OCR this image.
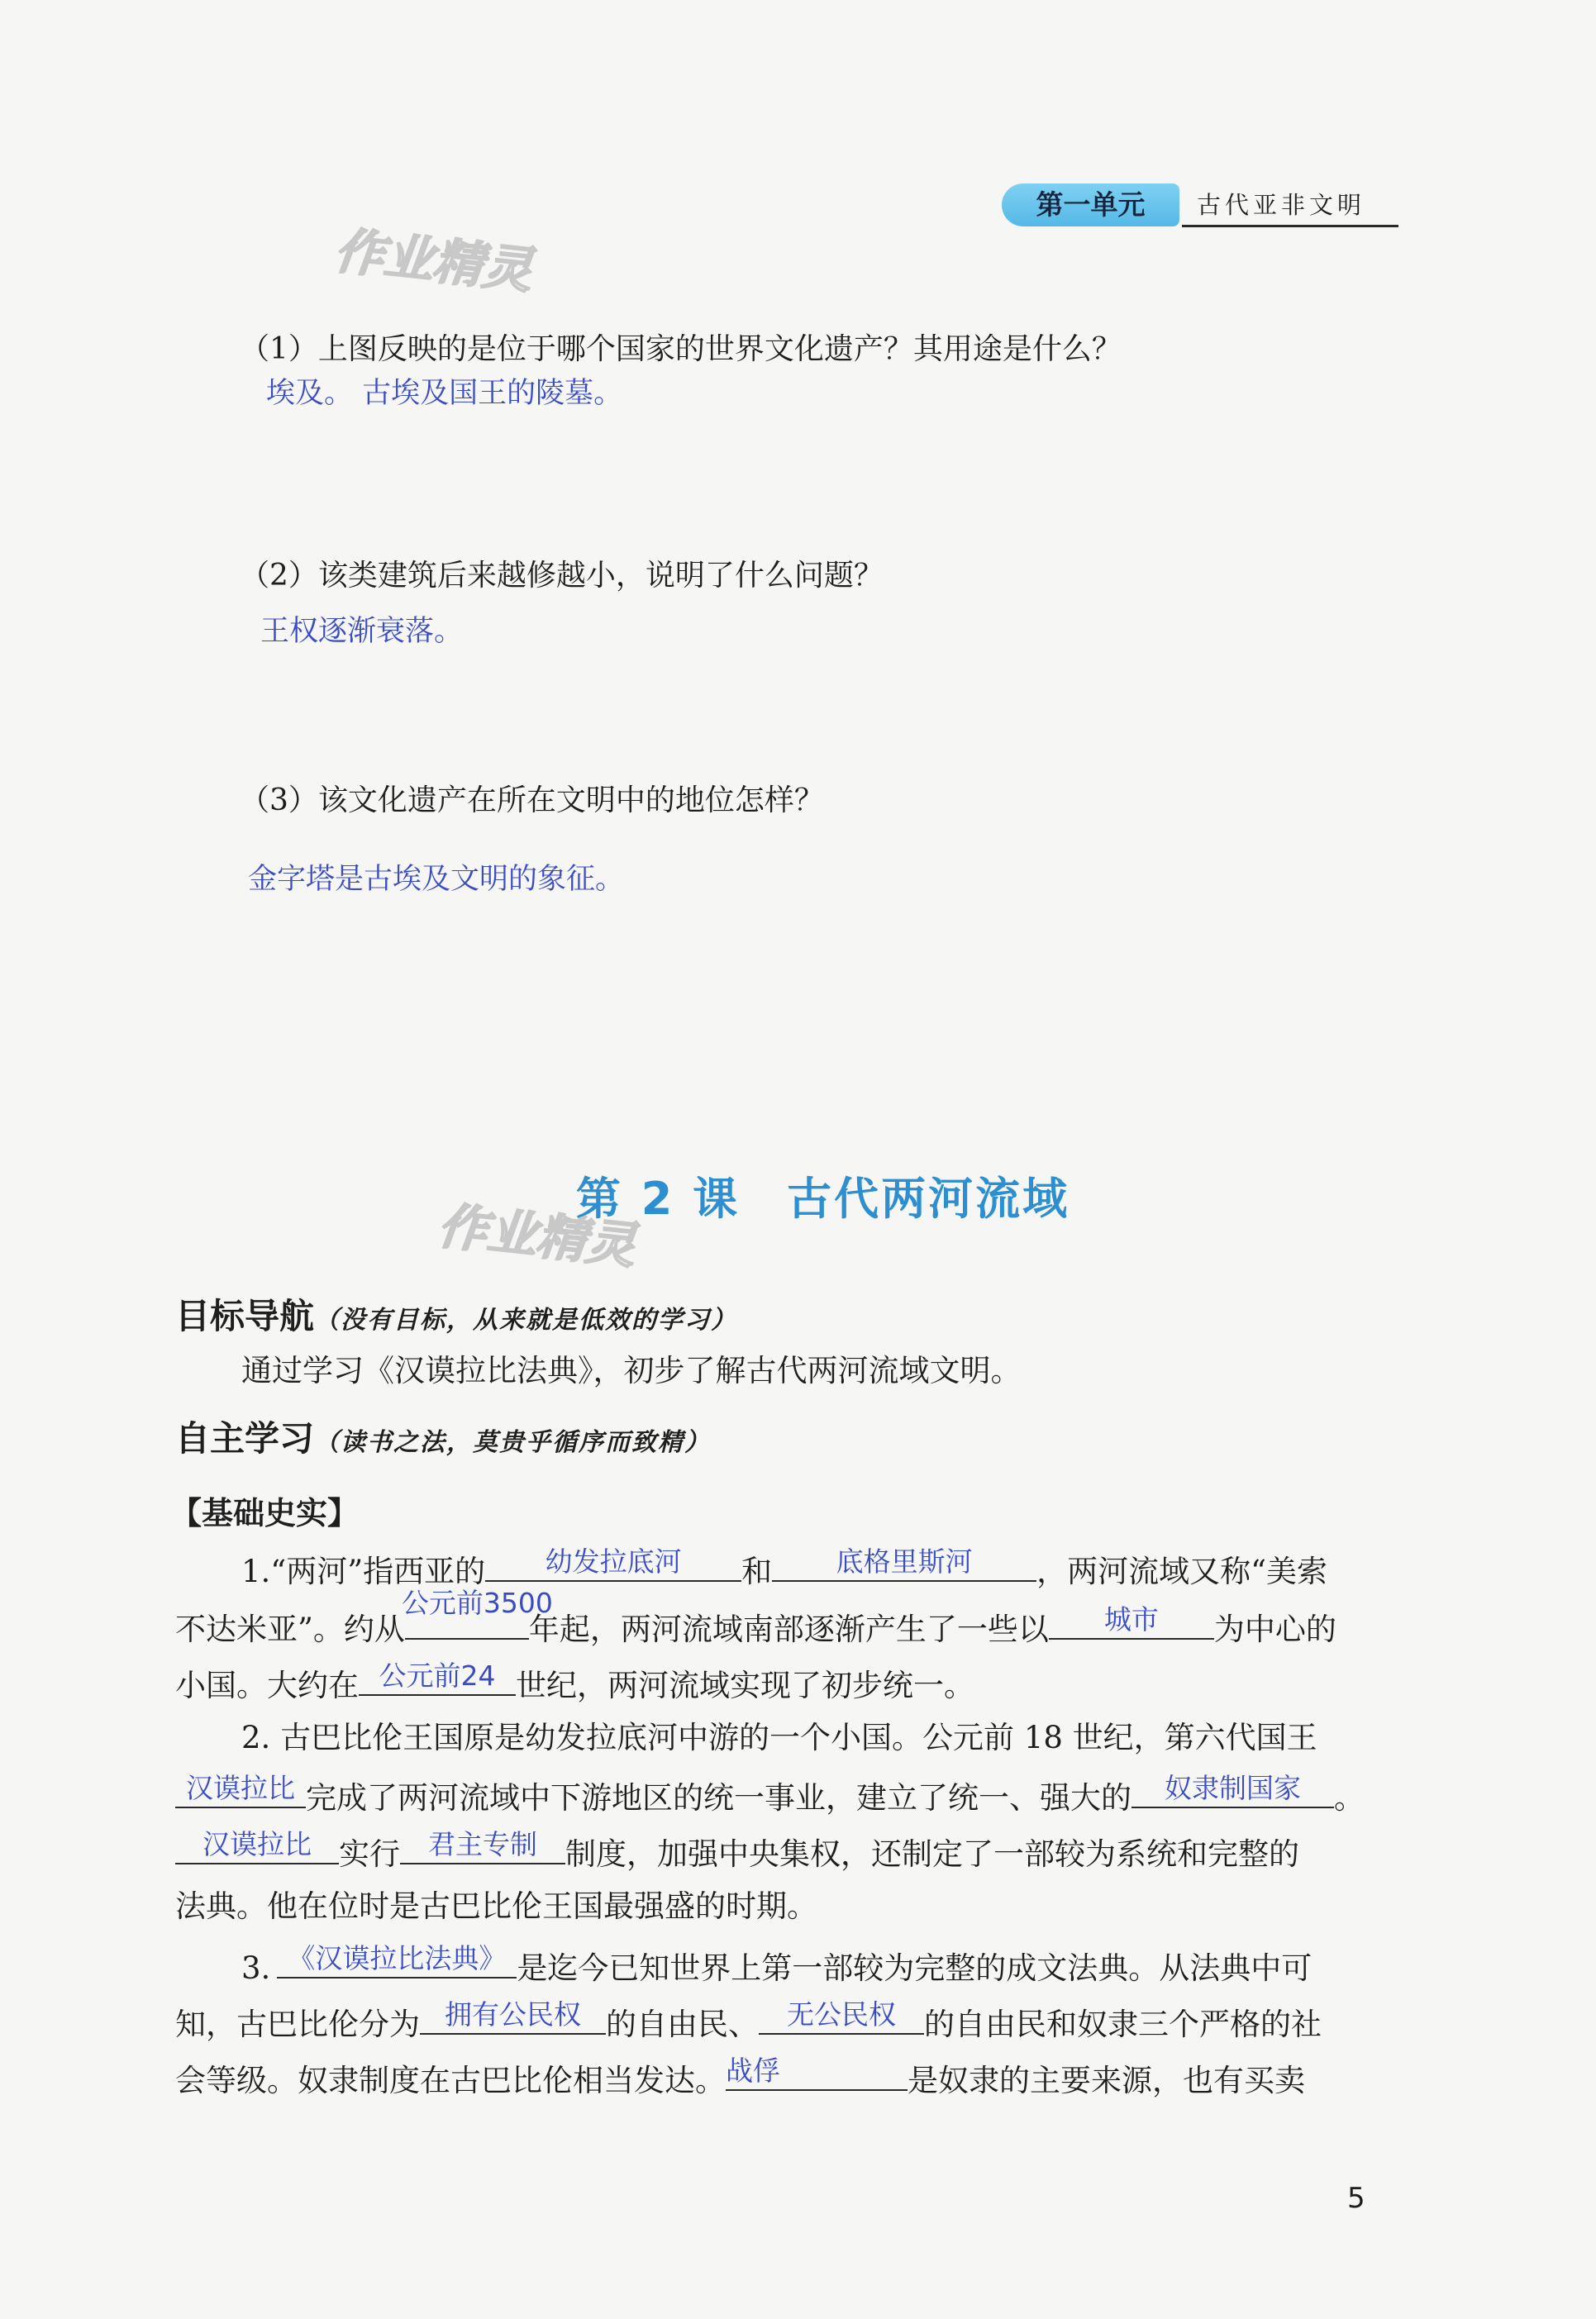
第一单元	古代亚非文明
作业精灵
作业精灵
（1）上图反映的是位于哪个国家的世界文化遗产？其用途是什么？
埃及。 古埃及国王的陵墓。
（2）该类建筑后来越修越小，说明了什么问题？
王权逐渐衰落。
（3）该文化遗产在所在文明中的地位怎样？
金字塔是古埃及文明的象征。
第 2 课　古代两河流域
目标导航（没有目标，从来就是低效的学习）
通过学习《汉谟拉比法典》，初步了解古代两河流域文明。
自主学习（读书之法，莫贵乎循序而致精）
【基础史实】
1.“两河”指西亚的	幼发拉底河	和	底格里斯河	，两河流域又称“美索
不达米亚”。约从
公元前3500
年起，两河流域南部逐渐产生了一些以	城市	为中心的
小国。大约在 公元前24 世纪，两河流域实现了初步统一。
2. 古巴比伦王国原是幼发拉底河中游的一个小国。公元前 18 世纪，第六代国王
汉谟拉比 完成了两河流域中下游地区的统一事业，建立了统一、强大的	奴隶制国家	。
汉谟拉比 实行	君主专制 制度，加强中央集权，还制定了一部较为系统和完整的
法典。他在位时是古巴比伦王国最强盛的时期。
3. 《汉谟拉比法典》 是迄今已知世界上第一部较为完整的成文法典。从法典中可
知，古巴比伦分为 拥有公民权 的自由民、	无公民权 的自由民和奴隶三个严格的社
会等级。奴隶制度在古巴比伦相当发达。 战俘	是奴隶的主要来源，也有买卖
5
